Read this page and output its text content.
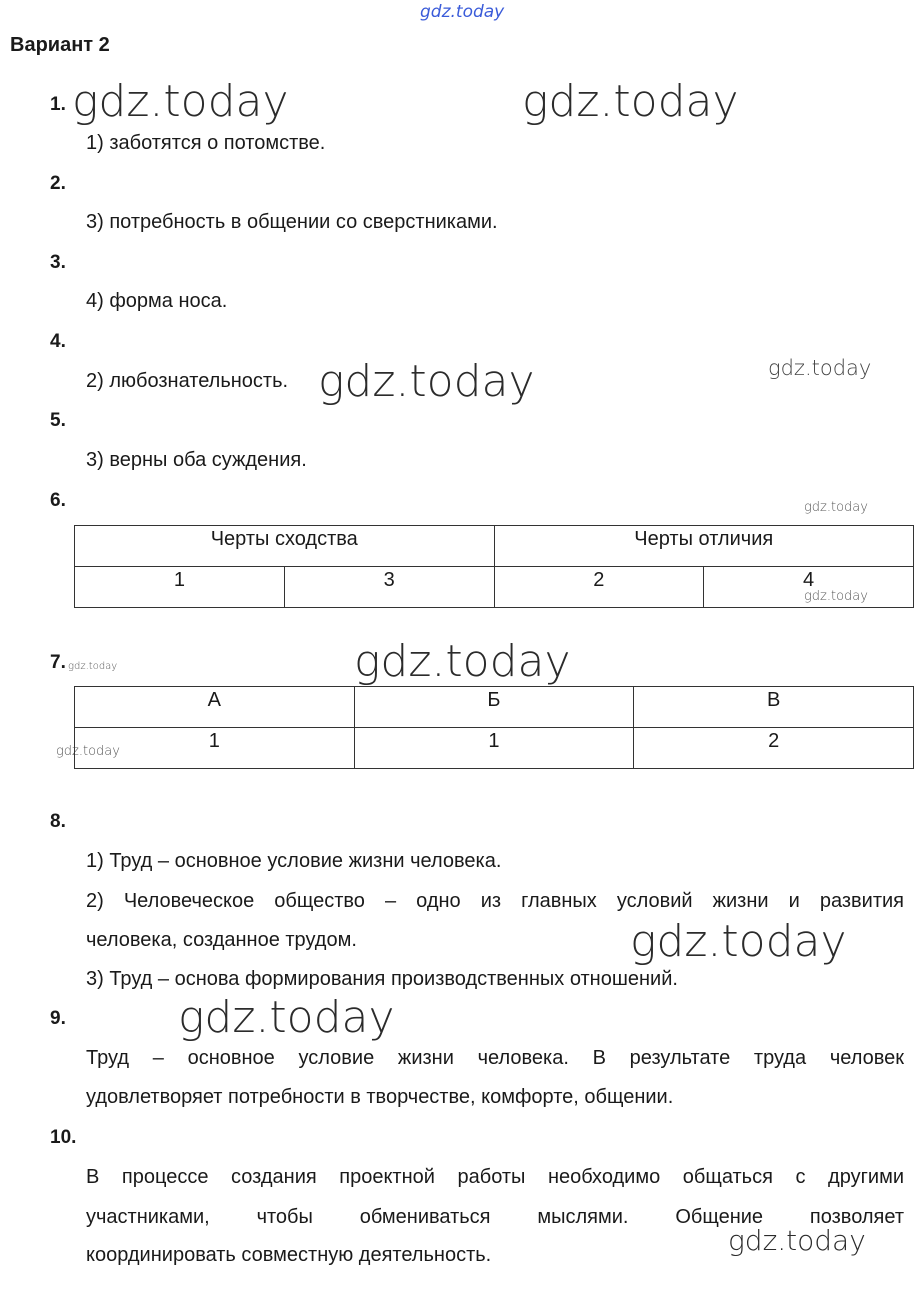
gdz.today
gdz.today	gdz.today
gdz.today	gdz.today
gdz.today
gdz.today
gdz.today
gdz.today
gdz.today
gdz.today
gdz.today
gdz.today
Вариант 2
1.
1) заботятся о потомстве.
2.
3) потребность в общении со сверстниками.
3.
4) форма носа.
4.
2) любознательность.
5.
3) верны оба суждения.
6.
Черты сходства		Черты отличия	
1	3	2	4
7.
А	Б	В
1	1	2
8.
1) Труд – основное условие жизни человека.
2) Человеческое общество – одно из главных условий жизни и развития
человека, созданное трудом.
3) Труд – основа формирования производственных отношений.
9.
Труд – основное условие жизни человека. В результате труда человек
удовлетворяет потребности в творчестве, комфорте, общении.
10.
В процессе создания проектной работы необходимо общаться с другими
участниками, чтобы обмениваться мыслями. Общение позволяет
координировать совместную деятельность.
